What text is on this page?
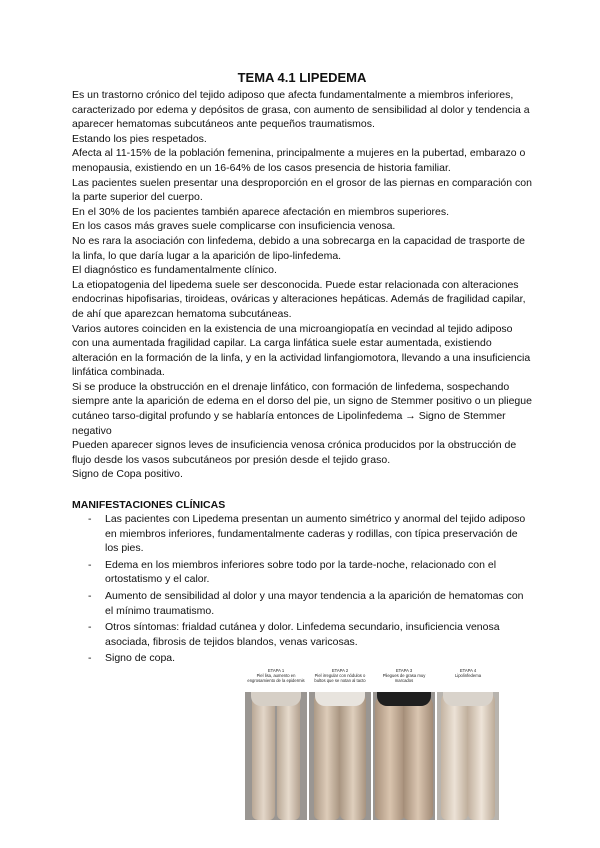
TEMA 4.1 LIPEDEMA

Es un trastorno crónico del tejido adiposo que afecta fundamentalmente a miembros inferiores, caracterizado por edema y depósitos de grasa, con aumento de sensibilidad al dolor y tendencia a aparecer hematomas subcutáneos ante pequeños traumatismos.

Estando los pies respetados.

Afecta al 11-15% de la población femenina, principalmente a mujeres en la pubertad, embarazo o menopausia, existiendo en un 16-64% de los casos presencia de historia familiar.

Las pacientes suelen presentar una desproporción en el grosor de las piernas en comparación con la parte superior del cuerpo.

En el 30% de los pacientes también aparece afectación en miembros superiores.

En los casos más graves suele complicarse con insuficiencia venosa.

No es rara la asociación con linfedema, debido a una sobrecarga en la capacidad de trasporte de la linfa, lo que daría lugar a la aparición de lipo-linfedema.

El diagnóstico es fundamentalmente clínico.

La etiopatogenia del lipedema suele ser desconocida. Puede estar relacionada con alteraciones endocrinas hipofisarias, tiroideas, ováricas y alteraciones hepáticas. Además de fragilidad capilar, de ahí que aparezcan hematoma subcutáneas.

Varios autores coinciden en la existencia de una microangiopatía en vecindad al tejido adiposo con una aumentada fragilidad capilar. La carga linfática suele estar aumentada, existiendo alteración en la formación de la linfa, y en la actividad linfangiomotora, llevando a una insuficiencia linfática combinada.

Si se produce la obstrucción en el drenaje linfático, con formación de linfedema, sospechando siempre ante la aparición de edema en el dorso del pie, un signo de Stemmer positivo o un pliegue cutáneo tarso-digital profundo y se hablaría entonces de Lipolinfedema → Signo de Stemmer negativo

Pueden aparecer signos leves de insuficiencia venosa crónica producidos por la obstrucción de flujo desde los vasos subcutáneos por presión desde el tejido graso.

Signo de Copa positivo.

MANIFESTACIONES CLÍNICAS
- Las pacientes con Lipedema presentan un aumento simétrico y anormal del tejido adiposo en miembros inferiores, fundamentalmente caderas y rodillas, con típica preservación de los pies.
- Edema en los miembros inferiores sobre todo por la tarde-noche, relacionado con el ortostatismo y el calor.
- Aumento de sensibilidad al dolor y una mayor tendencia a la aparición de hematomas con el mínimo traumatismo.
- Otros síntomas: frialdad cutánea y dolor. Linfedema secundario, insuficiencia venosa asociada, fibrosis de tejidos blandos, venas varicosas.
- Signo de copa.
ETAPA 1
Piel lisa, aumento en engrosamiento de la epidermis
ETAPA 2
Piel irregular con nódulos o bultos que se notan al tacto
ETAPA 3
Pliegues de grasa muy marcados
ETAPA 4
Lipolinfedema
